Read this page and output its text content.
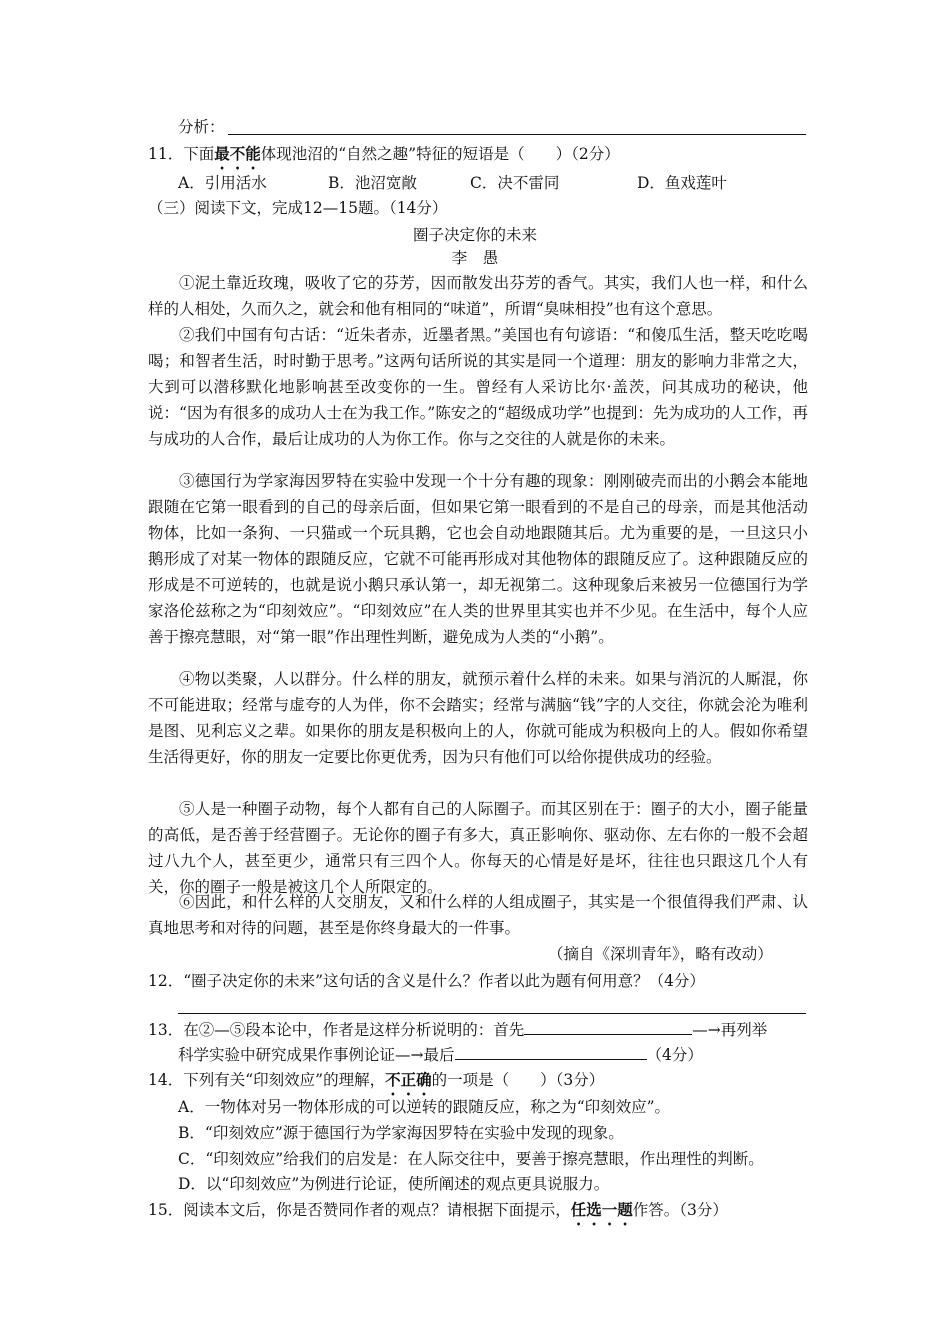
分析：
11．下面最不能体现池沼的“自然之趣”特征的短语是（　　）（2分）
A．引用活水	B．池沼宽敞	C．决不雷同	D．鱼戏莲叶
（三）阅读下文，完成12—15题。（14分）
圈子决定你的未来
李　愚
①泥土靠近玫瑰，吸收了它的芬芳，因而散发出芬芳的香气。其实，我们人也一样，和什么样的人相处，久而久之，就会和他有相同的“味道”，所谓“臭味相投”也有这个意思。
②我们中国有句古话：“近朱者赤，近墨者黑。”美国也有句谚语：“和傻瓜生活，整天吃吃喝喝；和智者生活，时时勤于思考。”这两句话所说的其实是同一个道理：朋友的影响力非常之大，大到可以潜移默化地影响甚至改变你的一生。曾经有人采访比尔·盖茨，问其成功的秘诀，他说：“因为有很多的成功人士在为我工作。”陈安之的“超级成功学”也提到：先为成功的人工作，再与成功的人合作，最后让成功的人为你工作。你与之交往的人就是你的未来。
③德国行为学家海因罗特在实验中发现一个十分有趣的现象：刚刚破壳而出的小鹅会本能地跟随在它第一眼看到的自己的母亲后面，但如果它第一眼看到的不是自己的母亲，而是其他活动物体，比如一条狗、一只猫或一个玩具鹅，它也会自动地跟随其后。尤为重要的是，一旦这只小鹅形成了对某一物体的跟随反应，它就不可能再形成对其他物体的跟随反应了。这种跟随反应的形成是不可逆转的，也就是说小鹅只承认第一，却无视第二。这种现象后来被另一位德国行为学家洛伦兹称之为“印刻效应”。“印刻效应”在人类的世界里其实也并不少见。在生活中，每个人应善于擦亮慧眼，对“第一眼”作出理性判断，避免成为人类的“小鹅”。
④物以类聚，人以群分。什么样的朋友，就预示着什么样的未来。如果与消沉的人厮混，你不可能进取；经常与虚夸的人为伴，你不会踏实；经常与满脑“钱”字的人交往，你就会沦为唯利是图、见利忘义之辈。如果你的朋友是积极向上的人，你就可能成为积极向上的人。假如你希望生活得更好，你的朋友一定要比你更优秀，因为只有他们可以给你提供成功的经验。
⑤人是一种圈子动物，每个人都有自己的人际圈子。而其区别在于：圈子的大小，圈子能量的高低，是否善于经营圈子。无论你的圈子有多大，真正影响你、驱动你、左右你的一般不会超过八九个人，甚至更少，通常只有三四个人。你每天的心情是好是坏，往往也只跟这几个人有关，你的圈子一般是被这几个人所限定的。
⑥因此，和什么样的人交朋友，又和什么样的人组成圈子，其实是一个很值得我们严肃、认真地思考和对待的问题，甚至是你终身最大的一件事。
（摘自《深圳青年》，略有改动）
12．“圈子决定你的未来”这句话的含义是什么？作者以此为题有何用意？（4分）
13．在②—⑤段本论中，作者是这样分析说明的：首先	—→再列举
科学实验中研究成果作事例论证—→最后	（4分）
14．下列有关“印刻效应”的理解，不正确的一项是（　　）（3分）
A．一物体对另一物体形成的可以逆转的跟随反应，称之为“印刻效应”。
B．“印刻效应”源于德国行为学家海因罗特在实验中发现的现象。
C．“印刻效应”给我们的启发是：在人际交往中，要善于擦亮慧眼，作出理性的判断。
D．以“印刻效应”为例进行论证，使所阐述的观点更具说服力。
15．阅读本文后，你是否赞同作者的观点？请根据下面提示，任选一题作答。（3分）
